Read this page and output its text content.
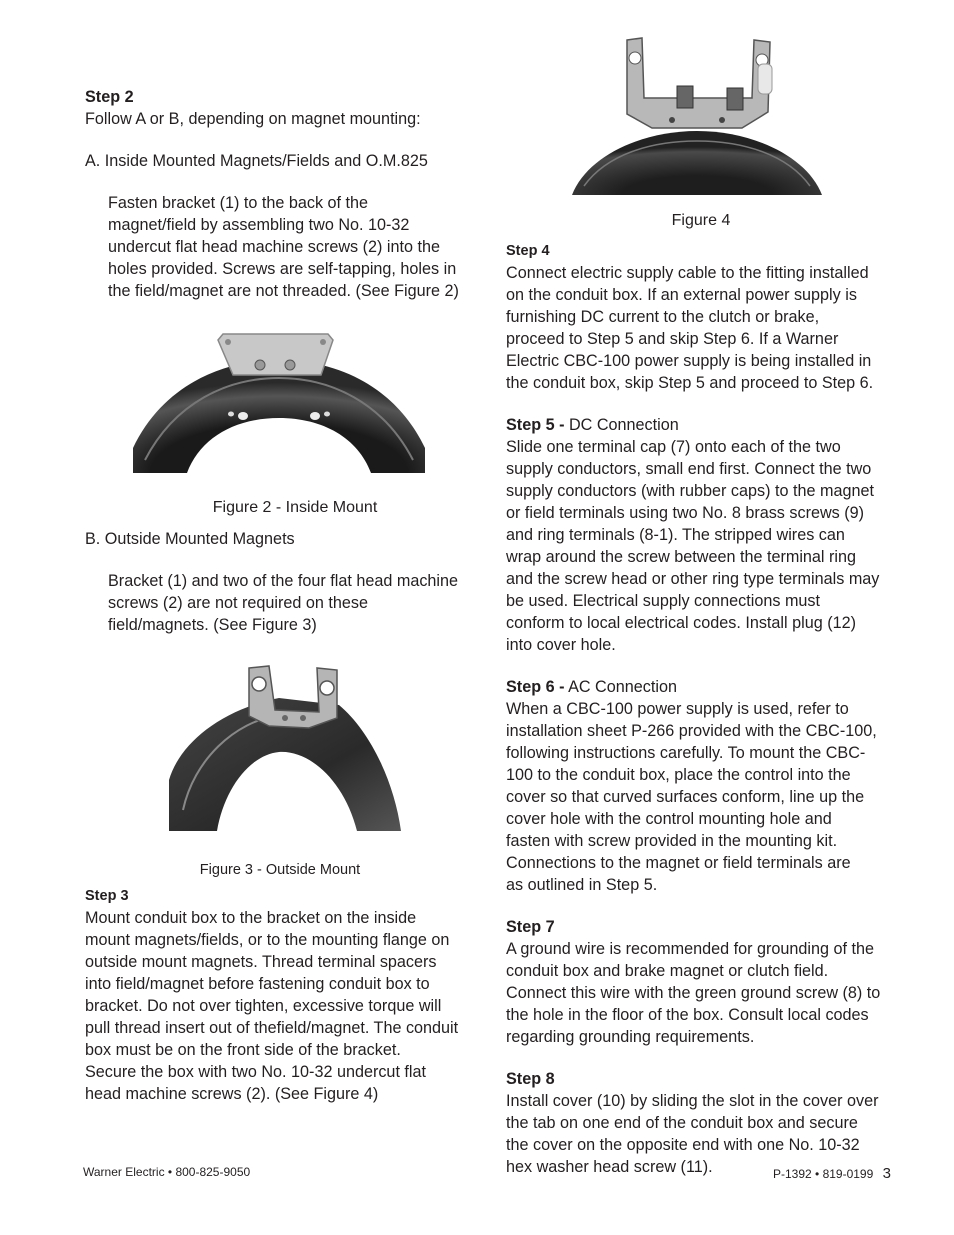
Step 2

Follow A or B, depending on magnet mounting:

A. Inside Mounted Magnets/Fields and O.M.825

Fasten bracket (1) to the back of the

magnet/field by assembling two No. 10-32

undercut flat head machine screws (2) into the

holes provided. Screws are self-tapping, holes in

the field/magnet are not threaded. (See Figure 2)

Figure 2 - Inside Mount

B. Outside Mounted Magnets

Bracket (1) and two of the four flat head machine

screws (2) are not required on these

field/magnets. (See Figure 3)

Figure 3 - Outside Mount

Step 3

Mount conduit box to the bracket on the inside

mount magnets/fields, or to the mounting flange on

outside mount magnets. Thread terminal spacers

into field/magnet before fastening conduit box to

bracket. Do not over tighten, excessive torque will

pull thread insert out of thefield/magnet. The conduit

box must be on the front side of the bracket.

Secure the box with two No. 10-32 undercut flat

head machine screws (2). (See Figure 4)

Figure 4

Step 4

Connect electric supply cable to the fitting installed

on the conduit box. If an external power supply is

furnishing DC current to the clutch or brake,

proceed to Step 5 and skip Step 6. If a Warner

Electric CBC-100 power supply is being installed in

the conduit box, skip Step 5 and proceed to Step 6.

Step 5 - DC Connection

Slide one terminal cap (7) onto each of the two

supply conductors, small end first. Connect the two

supply conductors (with rubber caps) to the magnet

or field terminals using two No. 8 brass screws (9)

and ring terminals (8-1). The stripped wires can

wrap around the screw between the terminal ring

and the screw head or other ring type terminals may

be used. Electrical supply connections must

conform to local electrical codes. Install plug (12)

into cover hole.

Step 6 - AC Connection

When a CBC-100 power supply is used, refer to

installation sheet P-266 provided with the CBC-100,

following instructions carefully. To mount the CBC-

100 to the conduit box, place the control into the

cover so that curved surfaces conform, line up the

cover hole with the control mounting hole and

fasten with screw provided in the mounting kit.

Connections to the magnet or field terminals are

as outlined in Step 5.

Step 7

A ground wire is recommended for grounding of the

conduit box and brake magnet or clutch field.

Connect this wire with the green ground screw (8) to

the hole in the floor of the box. Consult local codes

regarding grounding requirements.

Step 8

Install cover (10) by sliding the slot in the cover over

the tab on one end of the conduit box and secure

the cover on the opposite end with one No. 10-32

hex washer head screw (11).

Warner Electric • 800-825-9050	P-1392 • 819-0199 3
